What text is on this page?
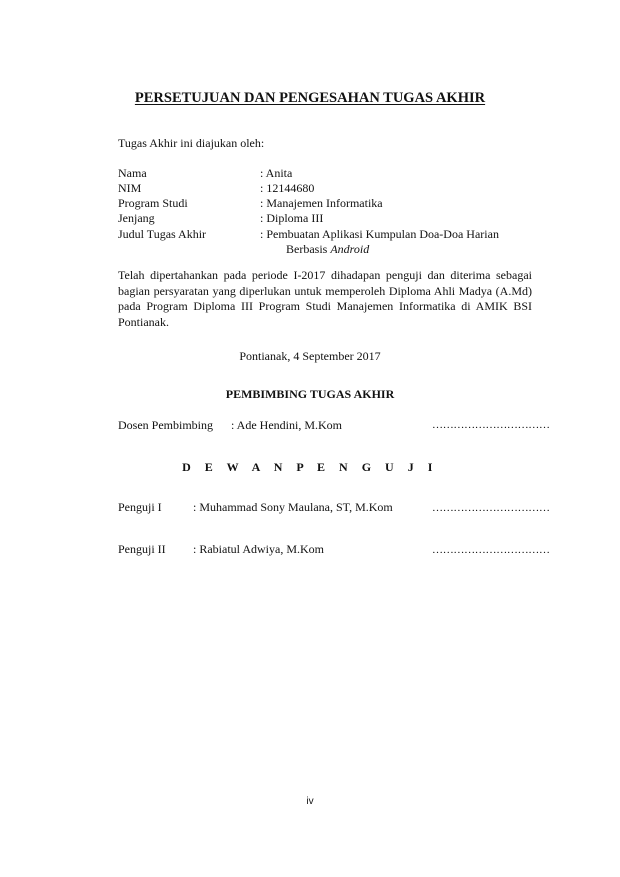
PERSETUJUAN DAN PENGESAHAN TUGAS AKHIR
Tugas Akhir ini diajukan oleh:
Nama	: Anita
NIM	: 12144680
Program Studi	: Manajemen Informatika
Jenjang	: Diploma III
Judul Tugas Akhir	: Pembuatan Aplikasi Kumpulan Doa-Doa Harian
Berbasis Android
Telah dipertahankan pada periode I-2017 dihadapan penguji dan diterima sebagai bagian persyaratan yang diperlukan untuk memperoleh Diploma Ahli Madya (A.Md) pada Program Diploma III Program Studi Manajemen Informatika di AMIK BSI Pontianak.
Pontianak, 4 September 2017
PEMBIMBING TUGAS AKHIR
Dosen Pembimbing : Ade Hendini, M.Kom	……………………………
D E W A N P E N G U J I
Penguji I	: Muhammad Sony Maulana, ST, M.Kom	……………………………
Penguji II : Rabiatul Adwiya, M.Kom	……………………………
iv
